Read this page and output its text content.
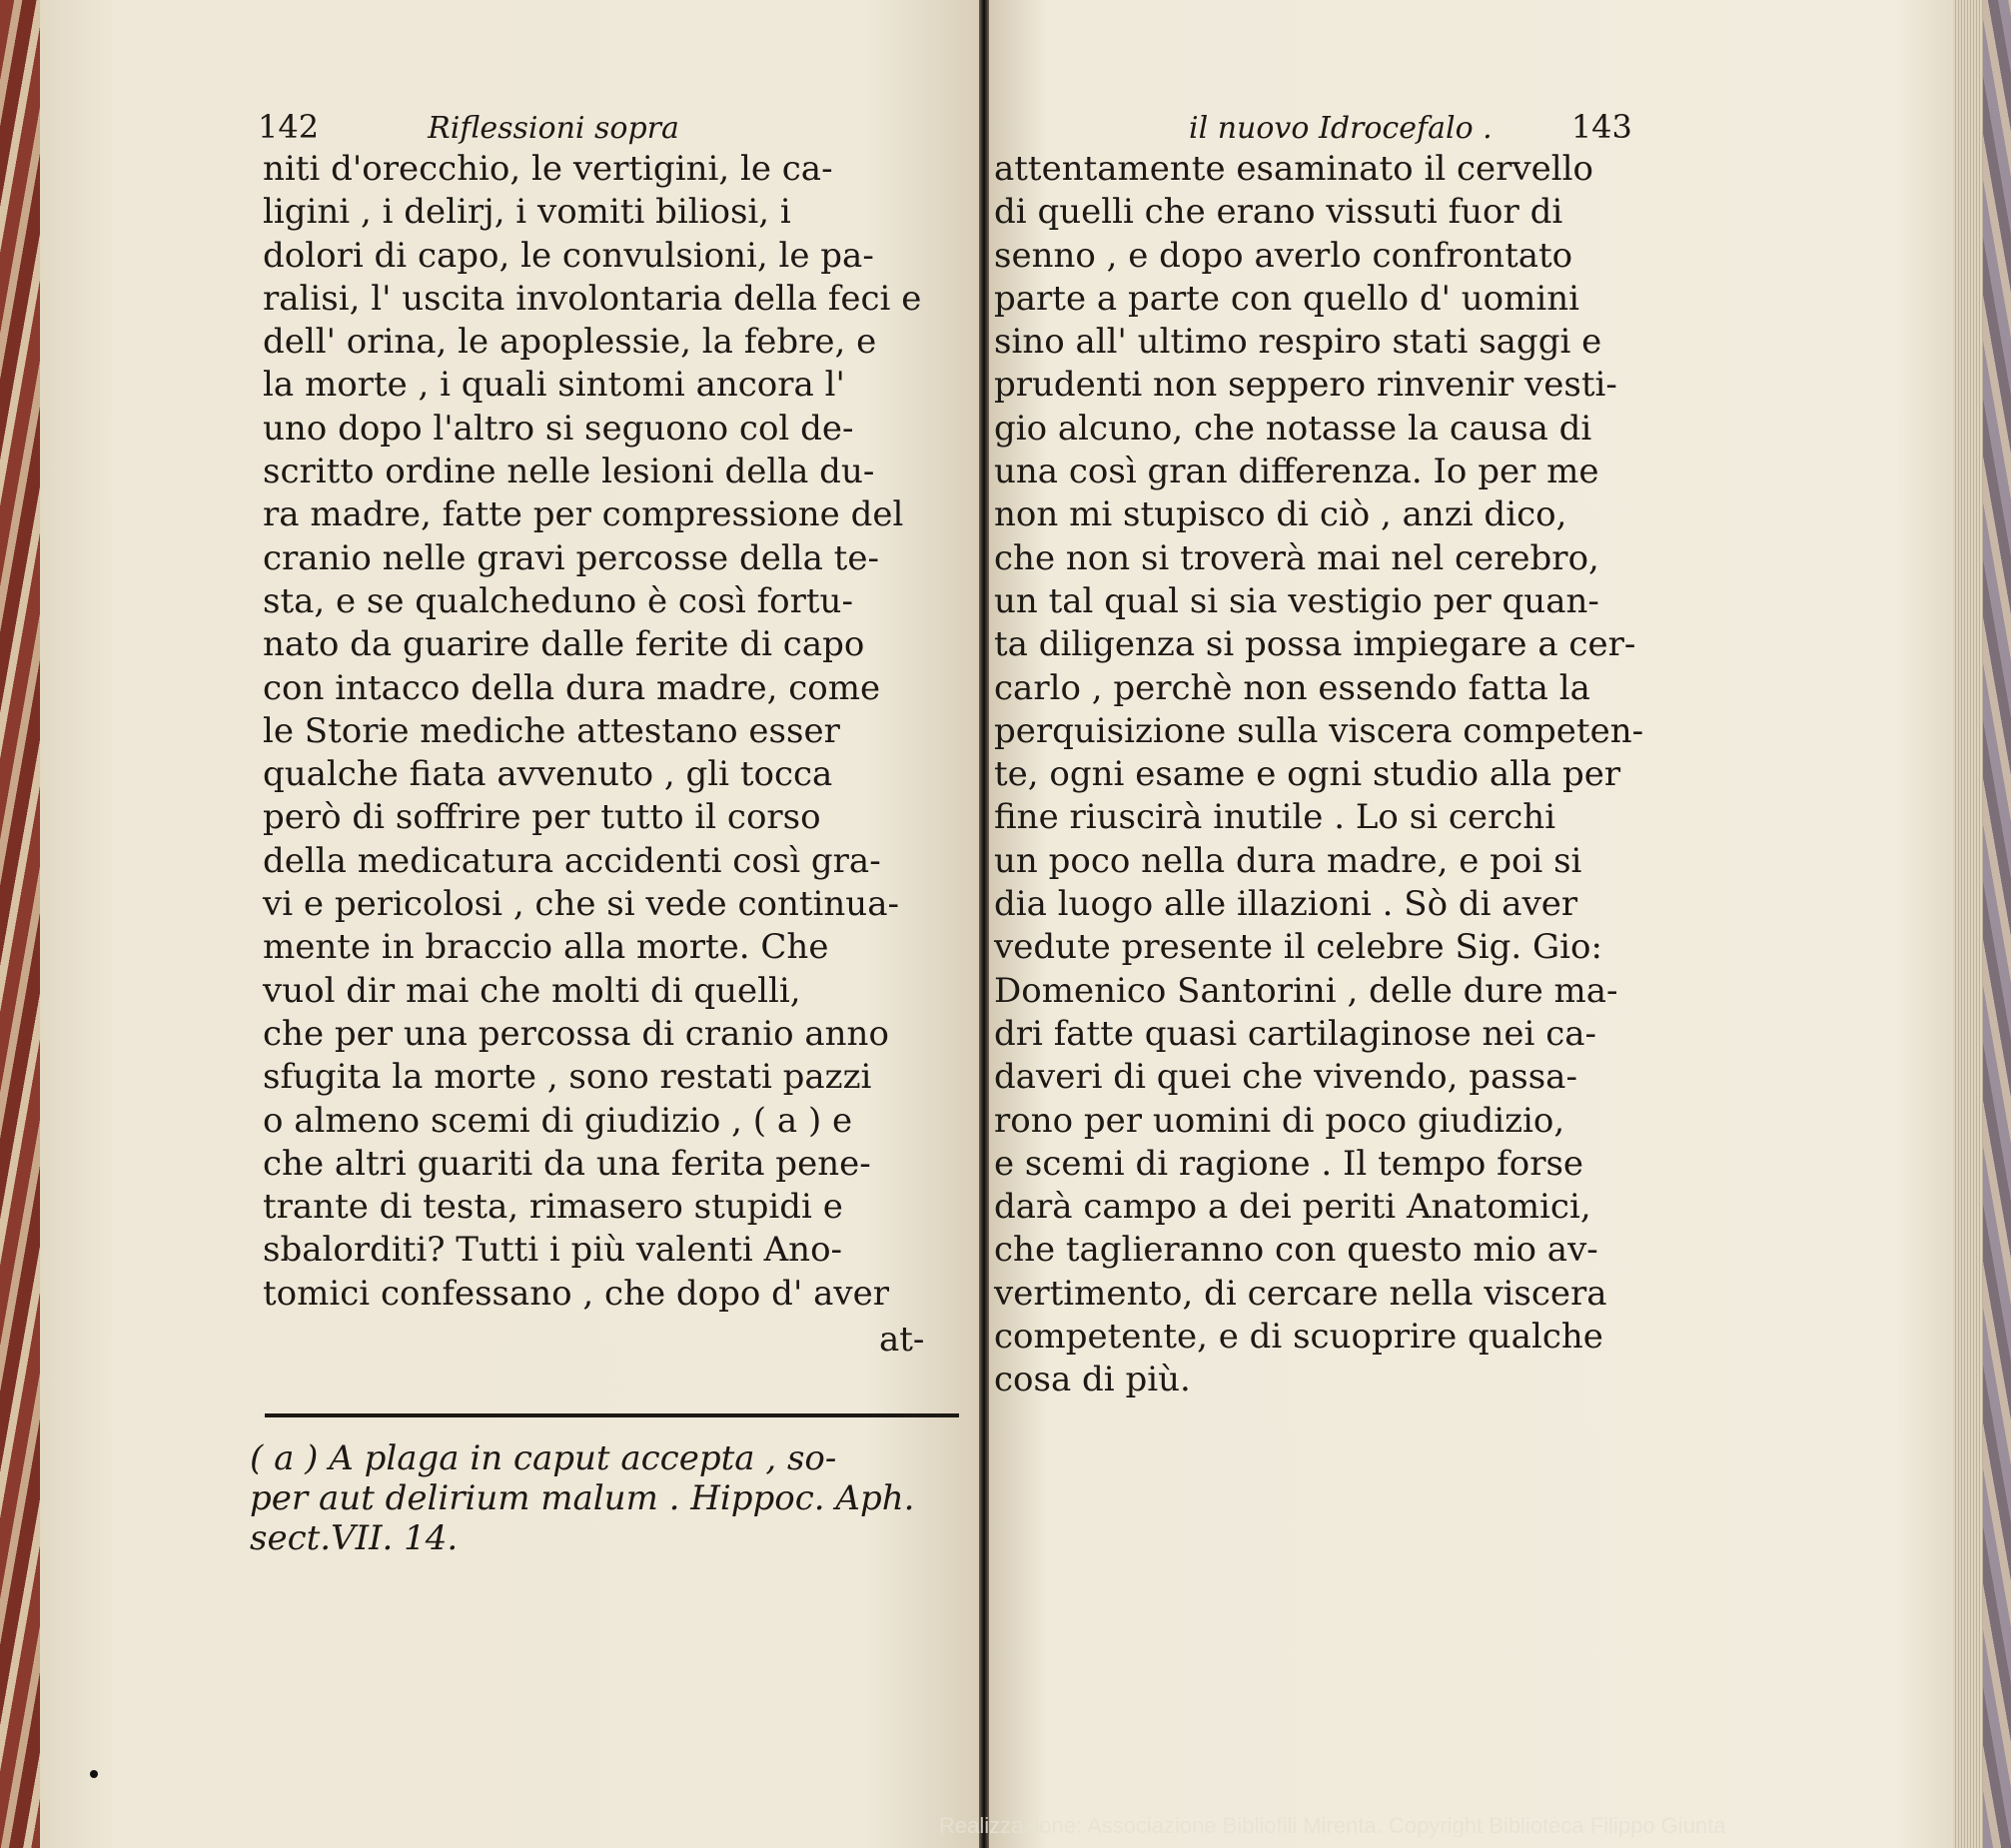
142	Riflessioni sopra
niti d'orecchio, le vertigini, le ca-
ligini , i delirj, i vomiti biliosi, i
dolori di capo, le convulsioni, le pa-
ralisi, l' uscita involontaria della feci e
dell' orina, le apoplessie, la febre, e
la morte , i quali sintomi ancora l'
uno dopo l'altro si seguono col de-
scritto ordine nelle lesioni della du-
ra madre, fatte per compressione del
cranio nelle gravi percosse della te-
sta, e se qualcheduno è così fortu-
nato da guarire dalle ferite di capo
con intacco della dura madre, come
le Storie mediche attestano esser
qualche fiata avvenuto , gli tocca
però di soffrire per tutto il corso
della medicatura accidenti così gra-
vi e pericolosi , che si vede continua-
mente in braccio alla morte. Che
vuol dir mai che molti di quelli,
che per una percossa di cranio anno
sfugita la morte , sono restati pazzi
o almeno scemi di giudizio , ( a ) e
che altri guariti da una ferita pene-
trante di testa, rimasero stupidi e
sbalorditi? Tutti i più valenti Ano-
tomici confessano , che dopo d' aver
at-
( a ) A plaga in caput accepta , so-
per aut delirium malum . Hippoc. Aph.
sect.VII. 14.
il nuovo Idrocefalo . 143
attentamente esaminato il cervello
di quelli che erano vissuti fuor di
senno , e dopo averlo confrontato
parte a parte con quello d' uomini
sino all' ultimo respiro stati saggi e
prudenti non seppero rinvenir vesti-
gio alcuno, che notasse la causa di
una così gran differenza. Io per me
non mi stupisco di ciò , anzi dico,
che non si troverà mai nel cerebro,
un tal qual si sia vestigio per quan-
ta diligenza si possa impiegare a cer-
carlo , perchè non essendo fatta la
perquisizione sulla viscera competen-
te, ogni esame e ogni studio alla per
fine riuscirà inutile . Lo si cerchi
un poco nella dura madre, e poi si
dia luogo alle illazioni . Sò di aver
vedute presente il celebre Sig. Gio:
Domenico Santorini , delle dure ma-
dri fatte quasi cartilaginose nei ca-
daveri di quei che vivendo, passa-
rono per uomini di poco giudizio,
e scemi di ragione . Il tempo forse
darà campo a dei periti Anatomici,
che taglieranno con questo mio av-
vertimento, di cercare nella viscera
competente, e di scuoprire qualche
cosa di più.
Realizzazione: Associazione Bibliofili Mirenta. Copyright Biblioteca Filippo Giunta
